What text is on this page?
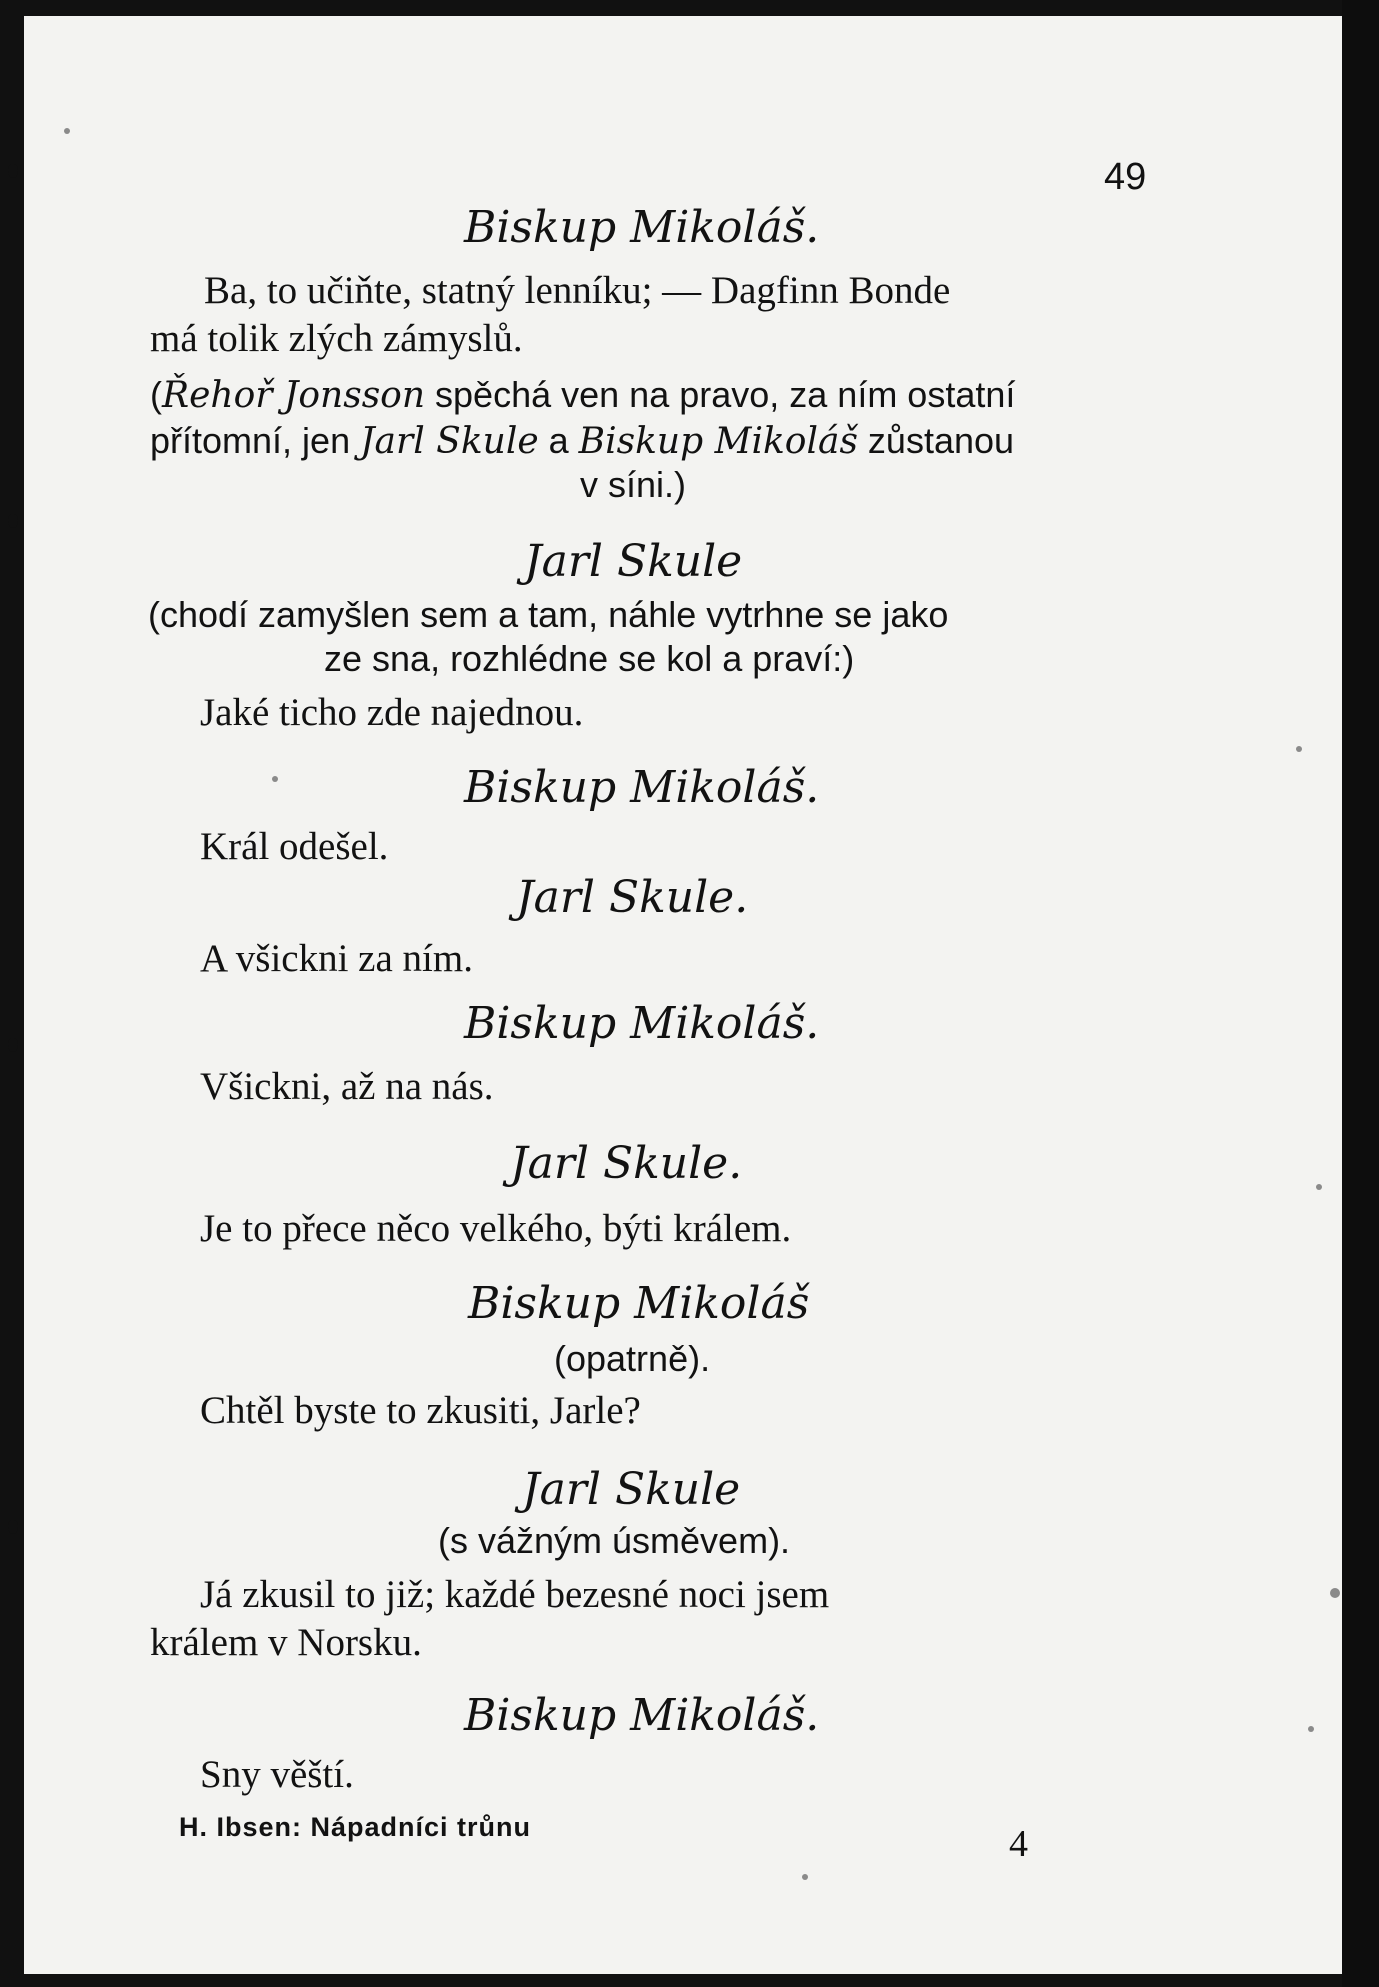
49
Biskup Mikoláš.
Ba, to učiňte, statný lenníku; — Dagfinn Bonde
má tolik zlých zámyslů.
(Řehoř Jonsson spěchá ven na pravo, za ním ostatní
přítomní, jen Jarl Skule a Biskup Mikoláš zůstanou
v síni.)
Jarl Skule
(chodí zamyšlen sem a tam, náhle vytrhne se jako
ze sna, rozhlédne se kol a praví:)
Jaké ticho zde najednou.
Biskup Mikoláš.
Král odešel.
Jarl Skule.
A všickni za ním.
Biskup Mikoláš.
Všickni, až na nás.
Jarl Skule.
Je to přece něco velkého, býti králem.
Biskup Mikoláš
(opatrně).
Chtěl byste to zkusiti, Jarle?
Jarl Skule
(s vážným úsměvem).
Já zkusil to již; každé bezesné noci jsem
králem v Norsku.
Biskup Mikoláš.
Sny věští.
H. Ibsen: Nápadníci trůnu	4
